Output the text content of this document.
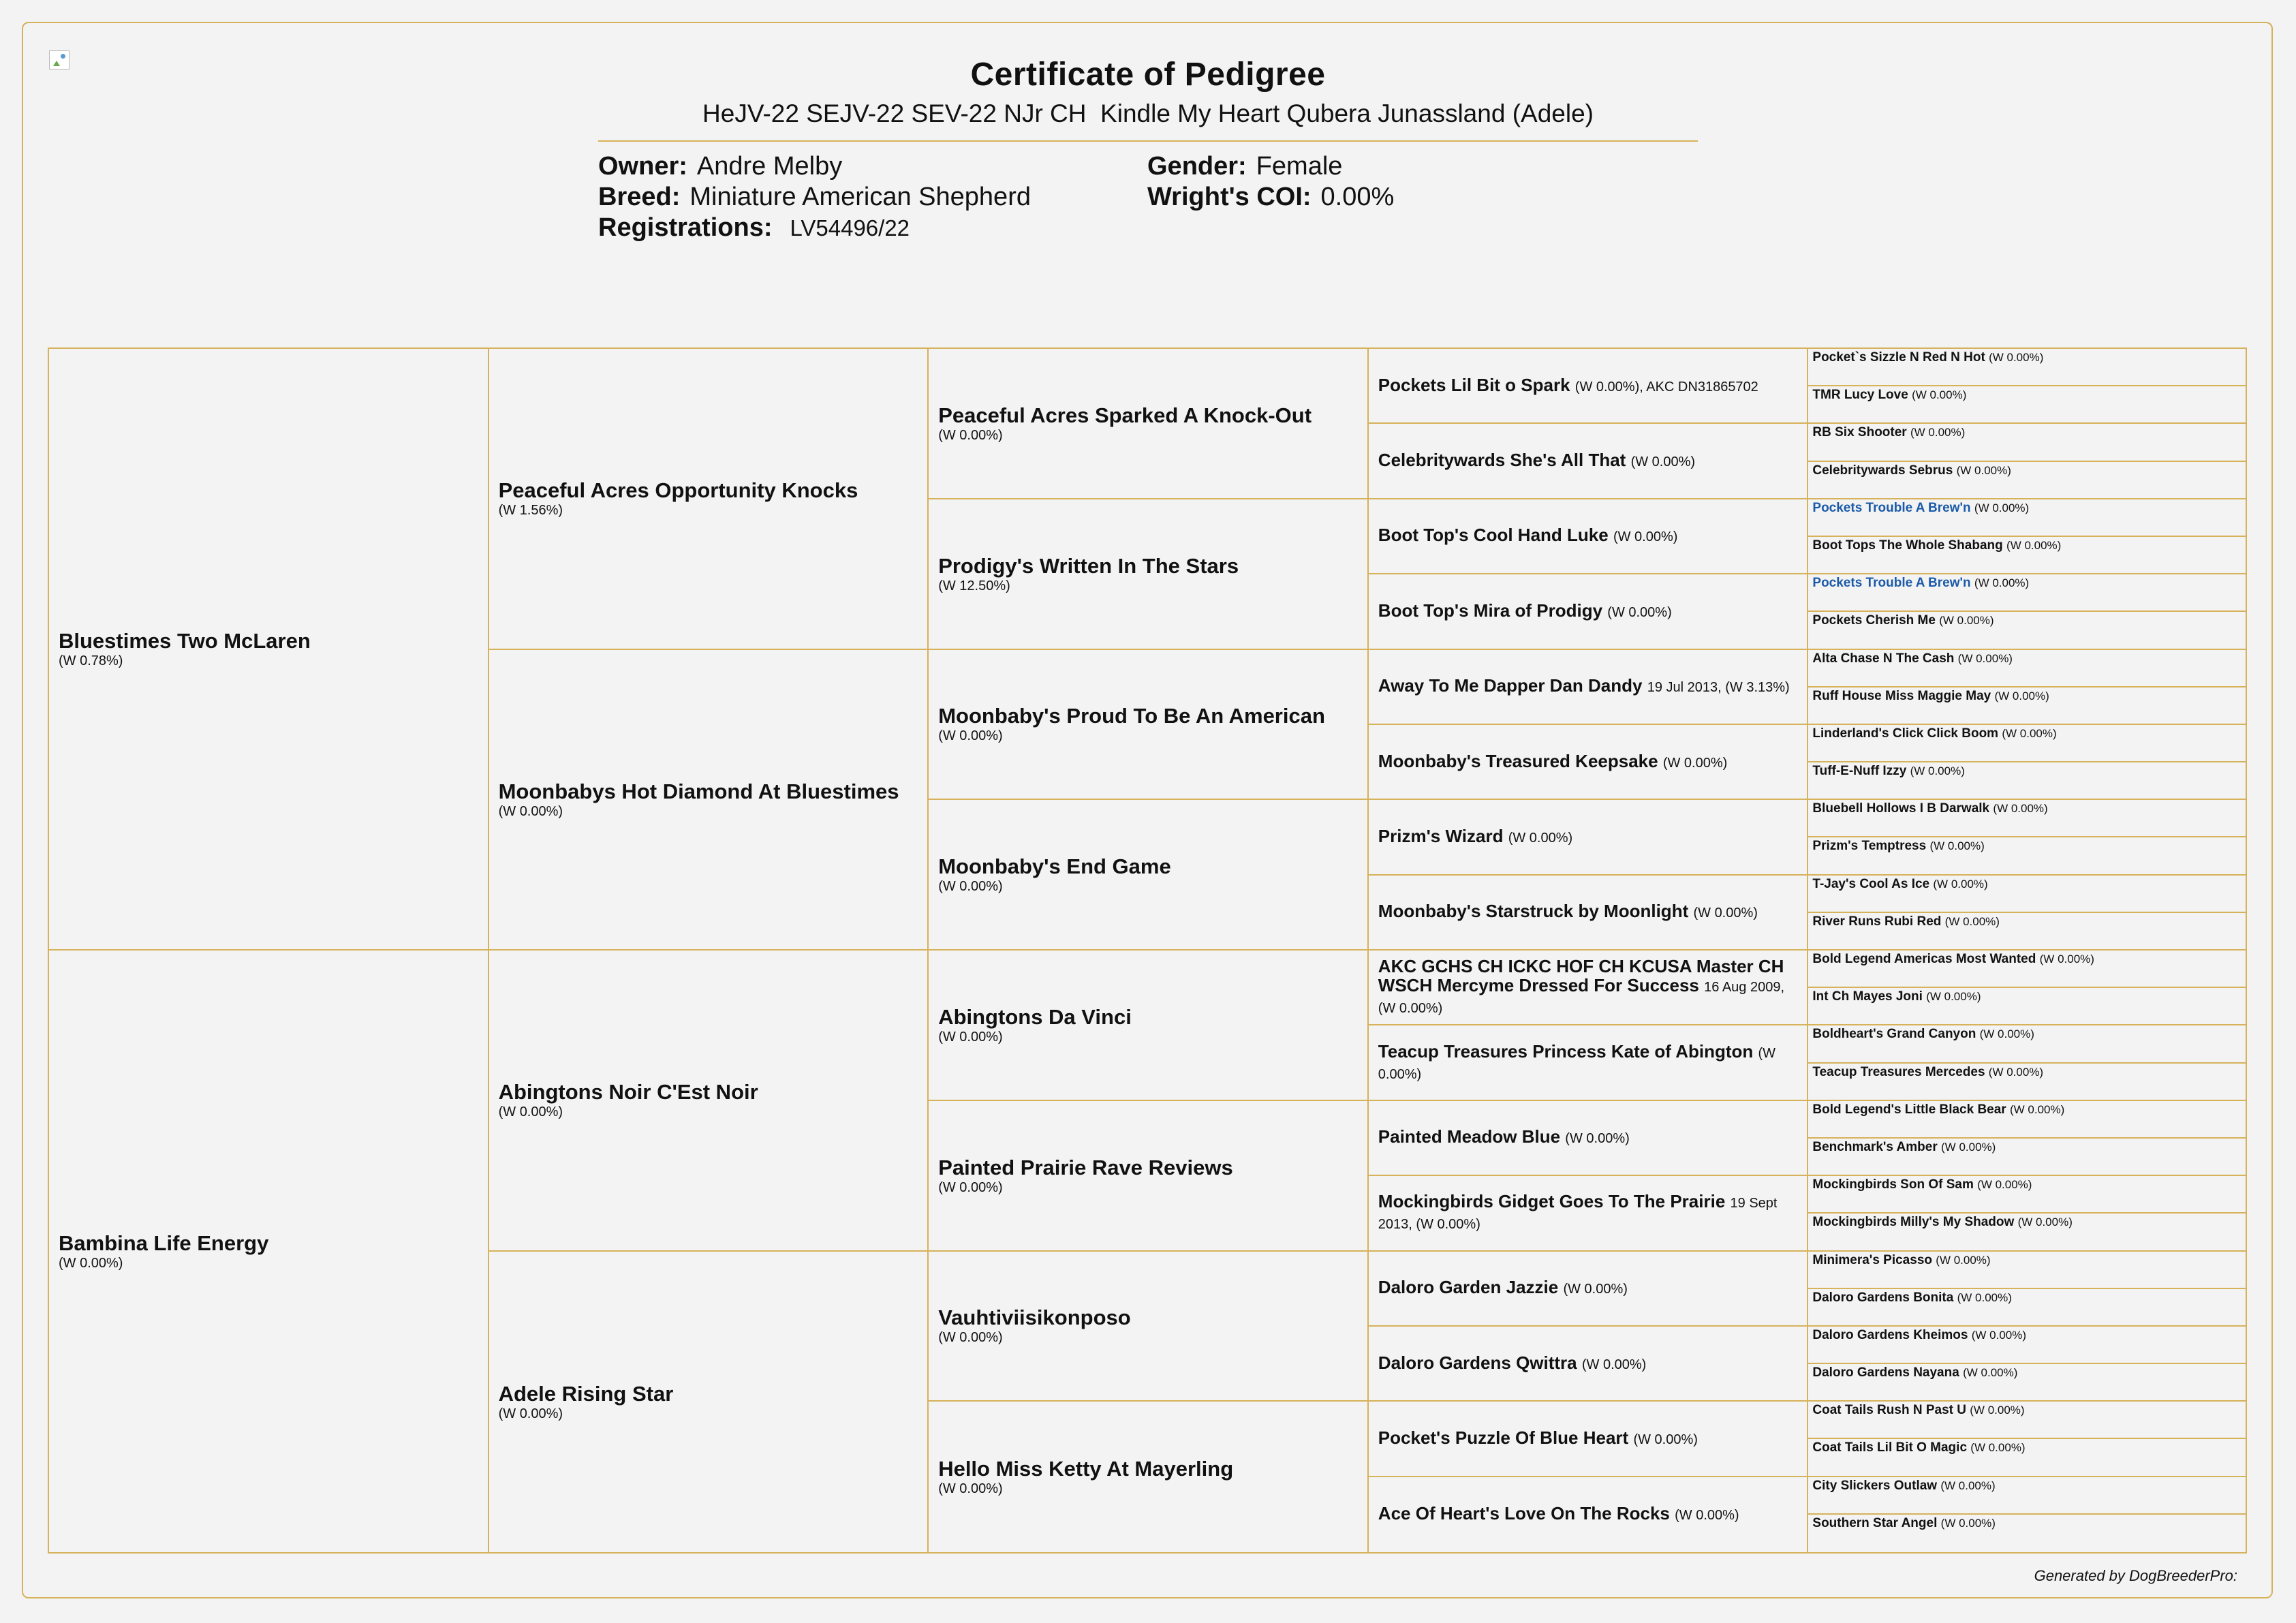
Certificate of Pedigree
HeJV-22 SEJV-22 SEV-22 NJr CH  Kindle My Heart Qubera Junassland (Adele)
Owner: Andre Melby
Breed: Miniature American Shepherd
Registrations: LV54496/22
Gender: Female
Wright's COI: 0.00%
Bluestimes Two McLaren
(W 0.78%)
Bambina Life Energy
(W 0.00%)
Peaceful Acres Opportunity Knocks
(W 1.56%)
Moonbabys Hot Diamond At Bluestimes
(W 0.00%)
Abingtons Noir C'Est Noir
(W 0.00%)
Adele Rising Star
(W 0.00%)
Peaceful Acres Sparked A Knock-Out
(W 0.00%)
Prodigy's Written In The Stars
(W 12.50%)
Moonbaby's Proud To Be An American
(W 0.00%)
Moonbaby's End Game
(W 0.00%)
Abingtons Da Vinci
(W 0.00%)
Painted Prairie Rave Reviews
(W 0.00%)
Vauhtiviisikonposo
(W 0.00%)
Hello Miss Ketty At Mayerling
(W 0.00%)
Pockets Lil Bit o Spark (W 0.00%), AKC DN31865702
Celebritywards She's All That (W 0.00%)
Boot Top's Cool Hand Luke (W 0.00%)
Boot Top's Mira of Prodigy (W 0.00%)
Away To Me Dapper Dan Dandy 19 Jul 2013, (W 3.13%)
Moonbaby's Treasured Keepsake (W 0.00%)
Prizm's Wizard (W 0.00%)
Moonbaby's Starstruck by Moonlight (W 0.00%)
AKC GCHS CH ICKC HOF CH KCUSA Master CH WSCH Mercyme Dressed For Success 16 Aug 2009, (W 0.00%)
Teacup Treasures Princess Kate of Abington (W 0.00%)
Painted Meadow Blue (W 0.00%)
Mockingbirds Gidget Goes To The Prairie 19 Sept 2013, (W 0.00%)
Daloro Garden Jazzie (W 0.00%)
Daloro Gardens Qwittra (W 0.00%)
Pocket's Puzzle Of Blue Heart (W 0.00%)
Ace Of Heart's Love On The Rocks (W 0.00%)
Pocket`s Sizzle N Red N Hot (W 0.00%)
TMR Lucy Love (W 0.00%)
RB Six Shooter (W 0.00%)
Celebritywards Sebrus (W 0.00%)
Pockets Trouble A Brew'n (W 0.00%)
Boot Tops The Whole Shabang (W 0.00%)
Pockets Trouble A Brew'n (W 0.00%)
Pockets Cherish Me (W 0.00%)
Alta Chase N The Cash (W 0.00%)
Ruff House Miss Maggie May (W 0.00%)
Linderland's Click Click Boom (W 0.00%)
Tuff-E-Nuff Izzy (W 0.00%)
Bluebell Hollows I B Darwalk (W 0.00%)
Prizm's Temptress (W 0.00%)
T-Jay's Cool As Ice (W 0.00%)
River Runs Rubi Red (W 0.00%)
Bold Legend Americas Most Wanted (W 0.00%)
Int Ch Mayes Joni (W 0.00%)
Boldheart's Grand Canyon (W 0.00%)
Teacup Treasures Mercedes (W 0.00%)
Bold Legend's Little Black Bear (W 0.00%)
Benchmark's Amber (W 0.00%)
Mockingbirds Son Of Sam (W 0.00%)
Mockingbirds Milly's My Shadow (W 0.00%)
Minimera's Picasso (W 0.00%)
Daloro Gardens Bonita (W 0.00%)
Daloro Gardens Kheimos (W 0.00%)
Daloro Gardens Nayana (W 0.00%)
Coat Tails Rush N Past U (W 0.00%)
Coat Tails Lil Bit O Magic (W 0.00%)
City Slickers Outlaw (W 0.00%)
Southern Star Angel (W 0.00%)
Generated by DogBreederPro:
